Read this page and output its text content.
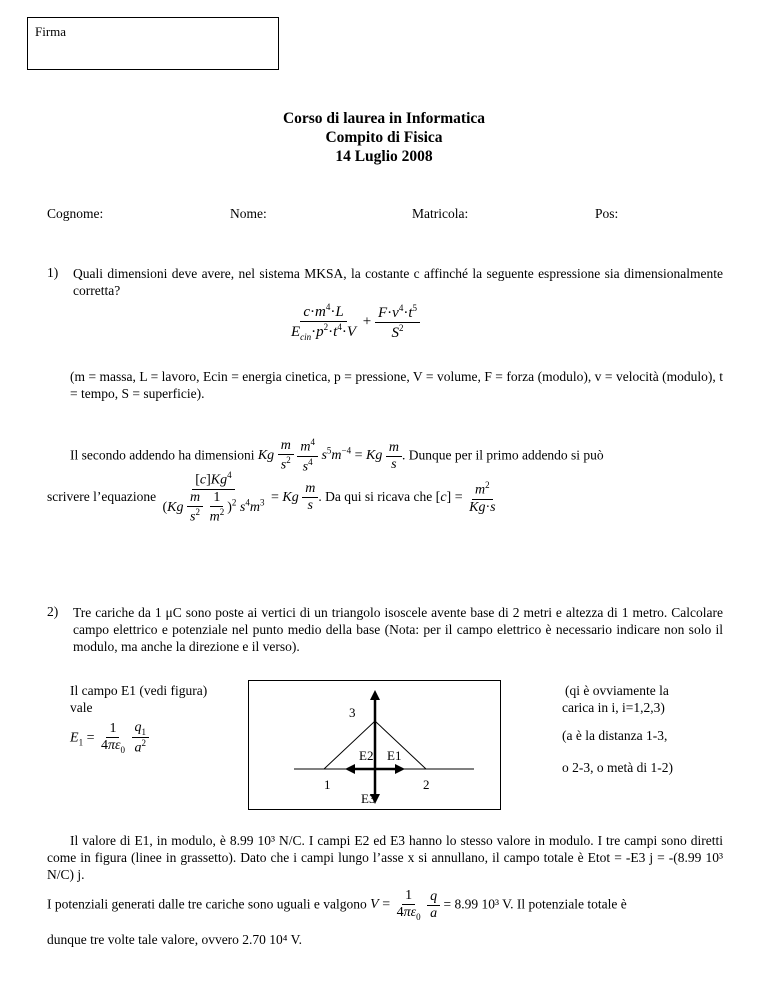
Firma
Corso di laurea in Informatica
Compito di Fisica
14 Luglio 2008
Cognome:	Nome:	Matricola:	Pos:
1) Quali dimensioni deve avere, nel sistema MKSA, la costante c affinché la seguente espressione sia dimensionalmente corretta?
$\frac{c\cdot m^4\cdot L}{E_{cin}\cdot p^2\cdot t^4\cdot V} + \frac{F\cdot v^4\cdot t^5}{S^2}$
(m = massa, L = lavoro, Ecin = energia cinetica, p = pressione, V = volume, F = forza (modulo), v = velocità (modulo), t = tempo, S = superficie).
Il secondo addendo ha dimensioni Kg $\frac{m}{s^2}$
$\frac{m^4}{s^4} s^5m^{-4} = Kg \frac{m}{s}$ . Dunque per il primo addendo si può
scrivere l’equazione [c]Kg$^4$
($Kg \frac{m}{s^2}$
$\frac{1}{m^2} )^2$ $s^4m^3 = Kg \frac{m}{s}$ . Da qui si ricava che $[c] = \frac{m^2}{Kg\cdot s}$
2) Tre cariche da 1 μC sono poste ai vertici di un triangolo isoscele avente base di 2 metri e altezza di 1 metro. Calcolare campo elettrico e potenziale nel punto medio della base (Nota: per il campo elettrico è necessario indicare non solo il modulo, ma anche la direzione e il verso).
Il campo E1 (vedi figura)
vale
$E_1 = \frac{1}{4\pi\varepsilon_0}$
$\frac{q_1}{a^2}$
3
E2 E1
1	2
E3
(qi è ovviamente la
carica in i, i=1,2,3)
(a è la distanza 1-3,
o 2-3, o metà di 1-2)
Il valore di E1, in modulo, è 8.99 10³ N/C. I campi E2 ed E3 hanno lo stesso valore in modulo. I tre campi sono diretti come in figura (linee in grassetto). Dato che i campi lungo l’asse x si annullano, il campo totale è Etot = -E3 j = -(8.99 10³ N/C) j.
I potenziali generati dalle tre cariche sono uguali e valgono $V = \frac{1}{4\pi\varepsilon_0}$
$\frac{q}{a} = 8.99$ 10³ V. Il potenziale totale è
dunque tre volte tale valore, ovvero 2.70 10⁴ V.
